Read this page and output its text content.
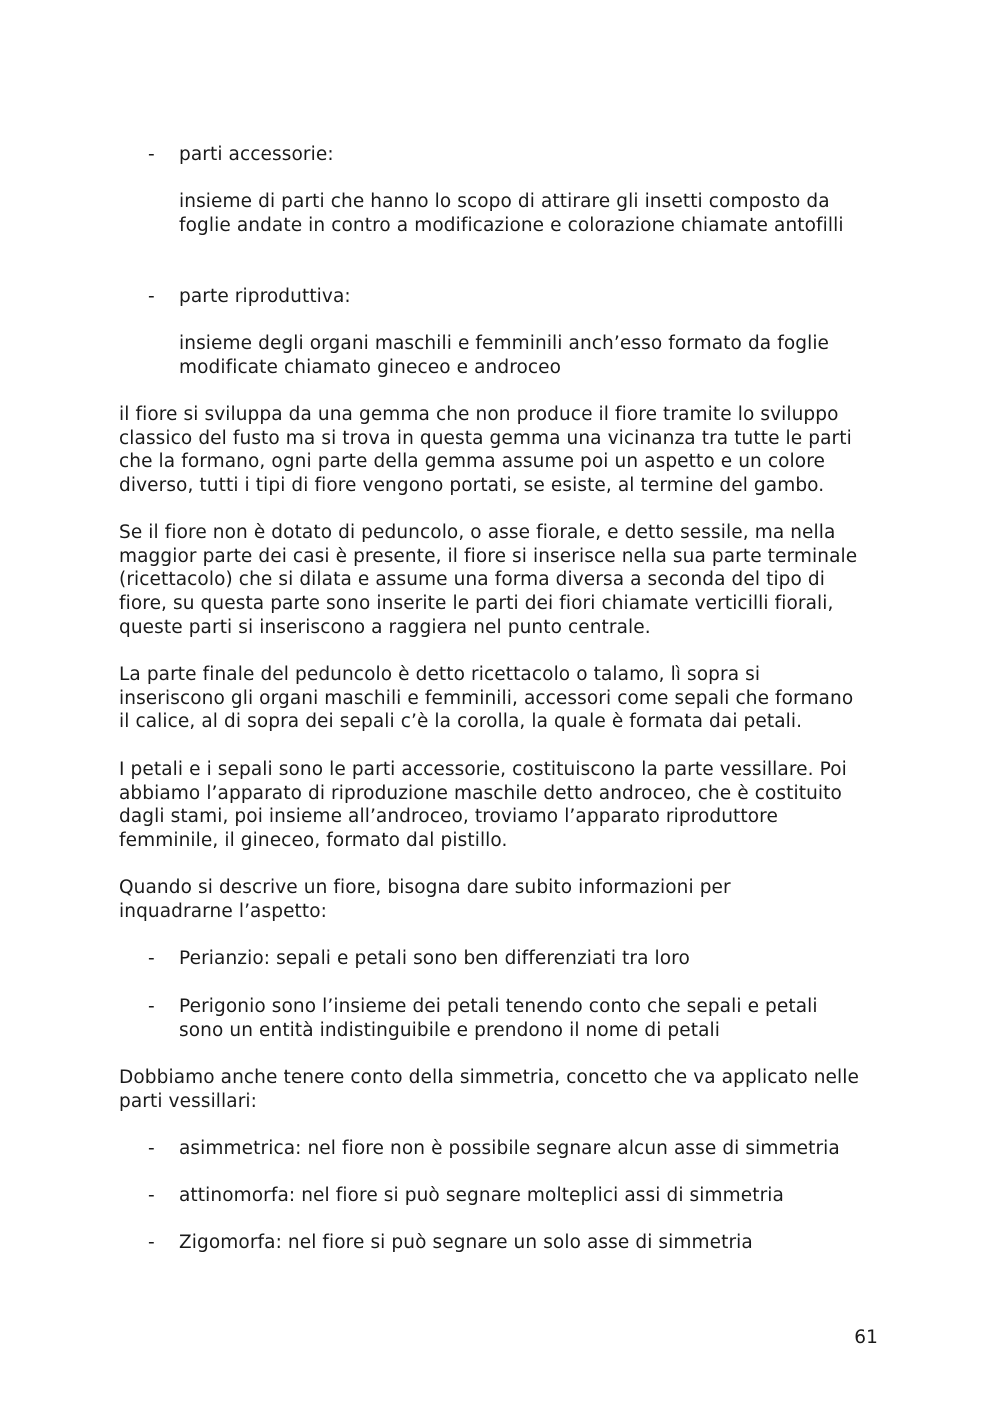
- parti accessorie:
insieme di parti che hanno lo scopo di attirare gli insetti composto da
foglie andate in contro a modificazione e colorazione chiamate antofilli
- parte riproduttiva:
insieme degli organi maschili e femminili anch’esso formato da foglie
modificate chiamato gineceo e androceo
il fiore si sviluppa da una gemma che non produce il fiore tramite lo sviluppo
classico del fusto ma si trova in questa gemma una vicinanza tra tutte le parti
che la formano, ogni parte della gemma assume poi un aspetto e un colore
diverso, tutti i tipi di fiore vengono portati, se esiste, al termine del gambo.
Se il fiore non è dotato di peduncolo, o asse fiorale, e detto sessile, ma nella
maggior parte dei casi è presente, il fiore si inserisce nella sua parte terminale
(ricettacolo) che si dilata e assume una forma diversa a seconda del tipo di
fiore, su questa parte sono inserite le parti dei fiori chiamate verticilli fiorali,
queste parti si inseriscono a raggiera nel punto centrale.
La parte finale del peduncolo è detto ricettacolo o talamo, lì sopra si
inseriscono gli organi maschili e femminili, accessori come sepali che formano
il calice, al di sopra dei sepali c’è la corolla, la quale è formata dai petali.
I petali e i sepali sono le parti accessorie, costituiscono la parte vessillare. Poi
abbiamo l’apparato di riproduzione maschile detto androceo, che è costituito
dagli stami, poi insieme all’androceo, troviamo l’apparato riproduttore
femminile, il gineceo, formato dal pistillo.
Quando si descrive un fiore, bisogna dare subito informazioni per
inquadrarne l’aspetto:
- Perianzio: sepali e petali sono ben differenziati tra loro
- Perigonio sono l’insieme dei petali tenendo conto che sepali e petali
sono un entità indistinguibile e prendono il nome di petali
Dobbiamo anche tenere conto della simmetria, concetto che va applicato nelle
parti vessillari:
- asimmetrica: nel fiore non è possibile segnare alcun asse di simmetria
- attinomorfa: nel fiore si può segnare molteplici assi di simmetria
- Zigomorfa: nel fiore si può segnare un solo asse di simmetria
61
